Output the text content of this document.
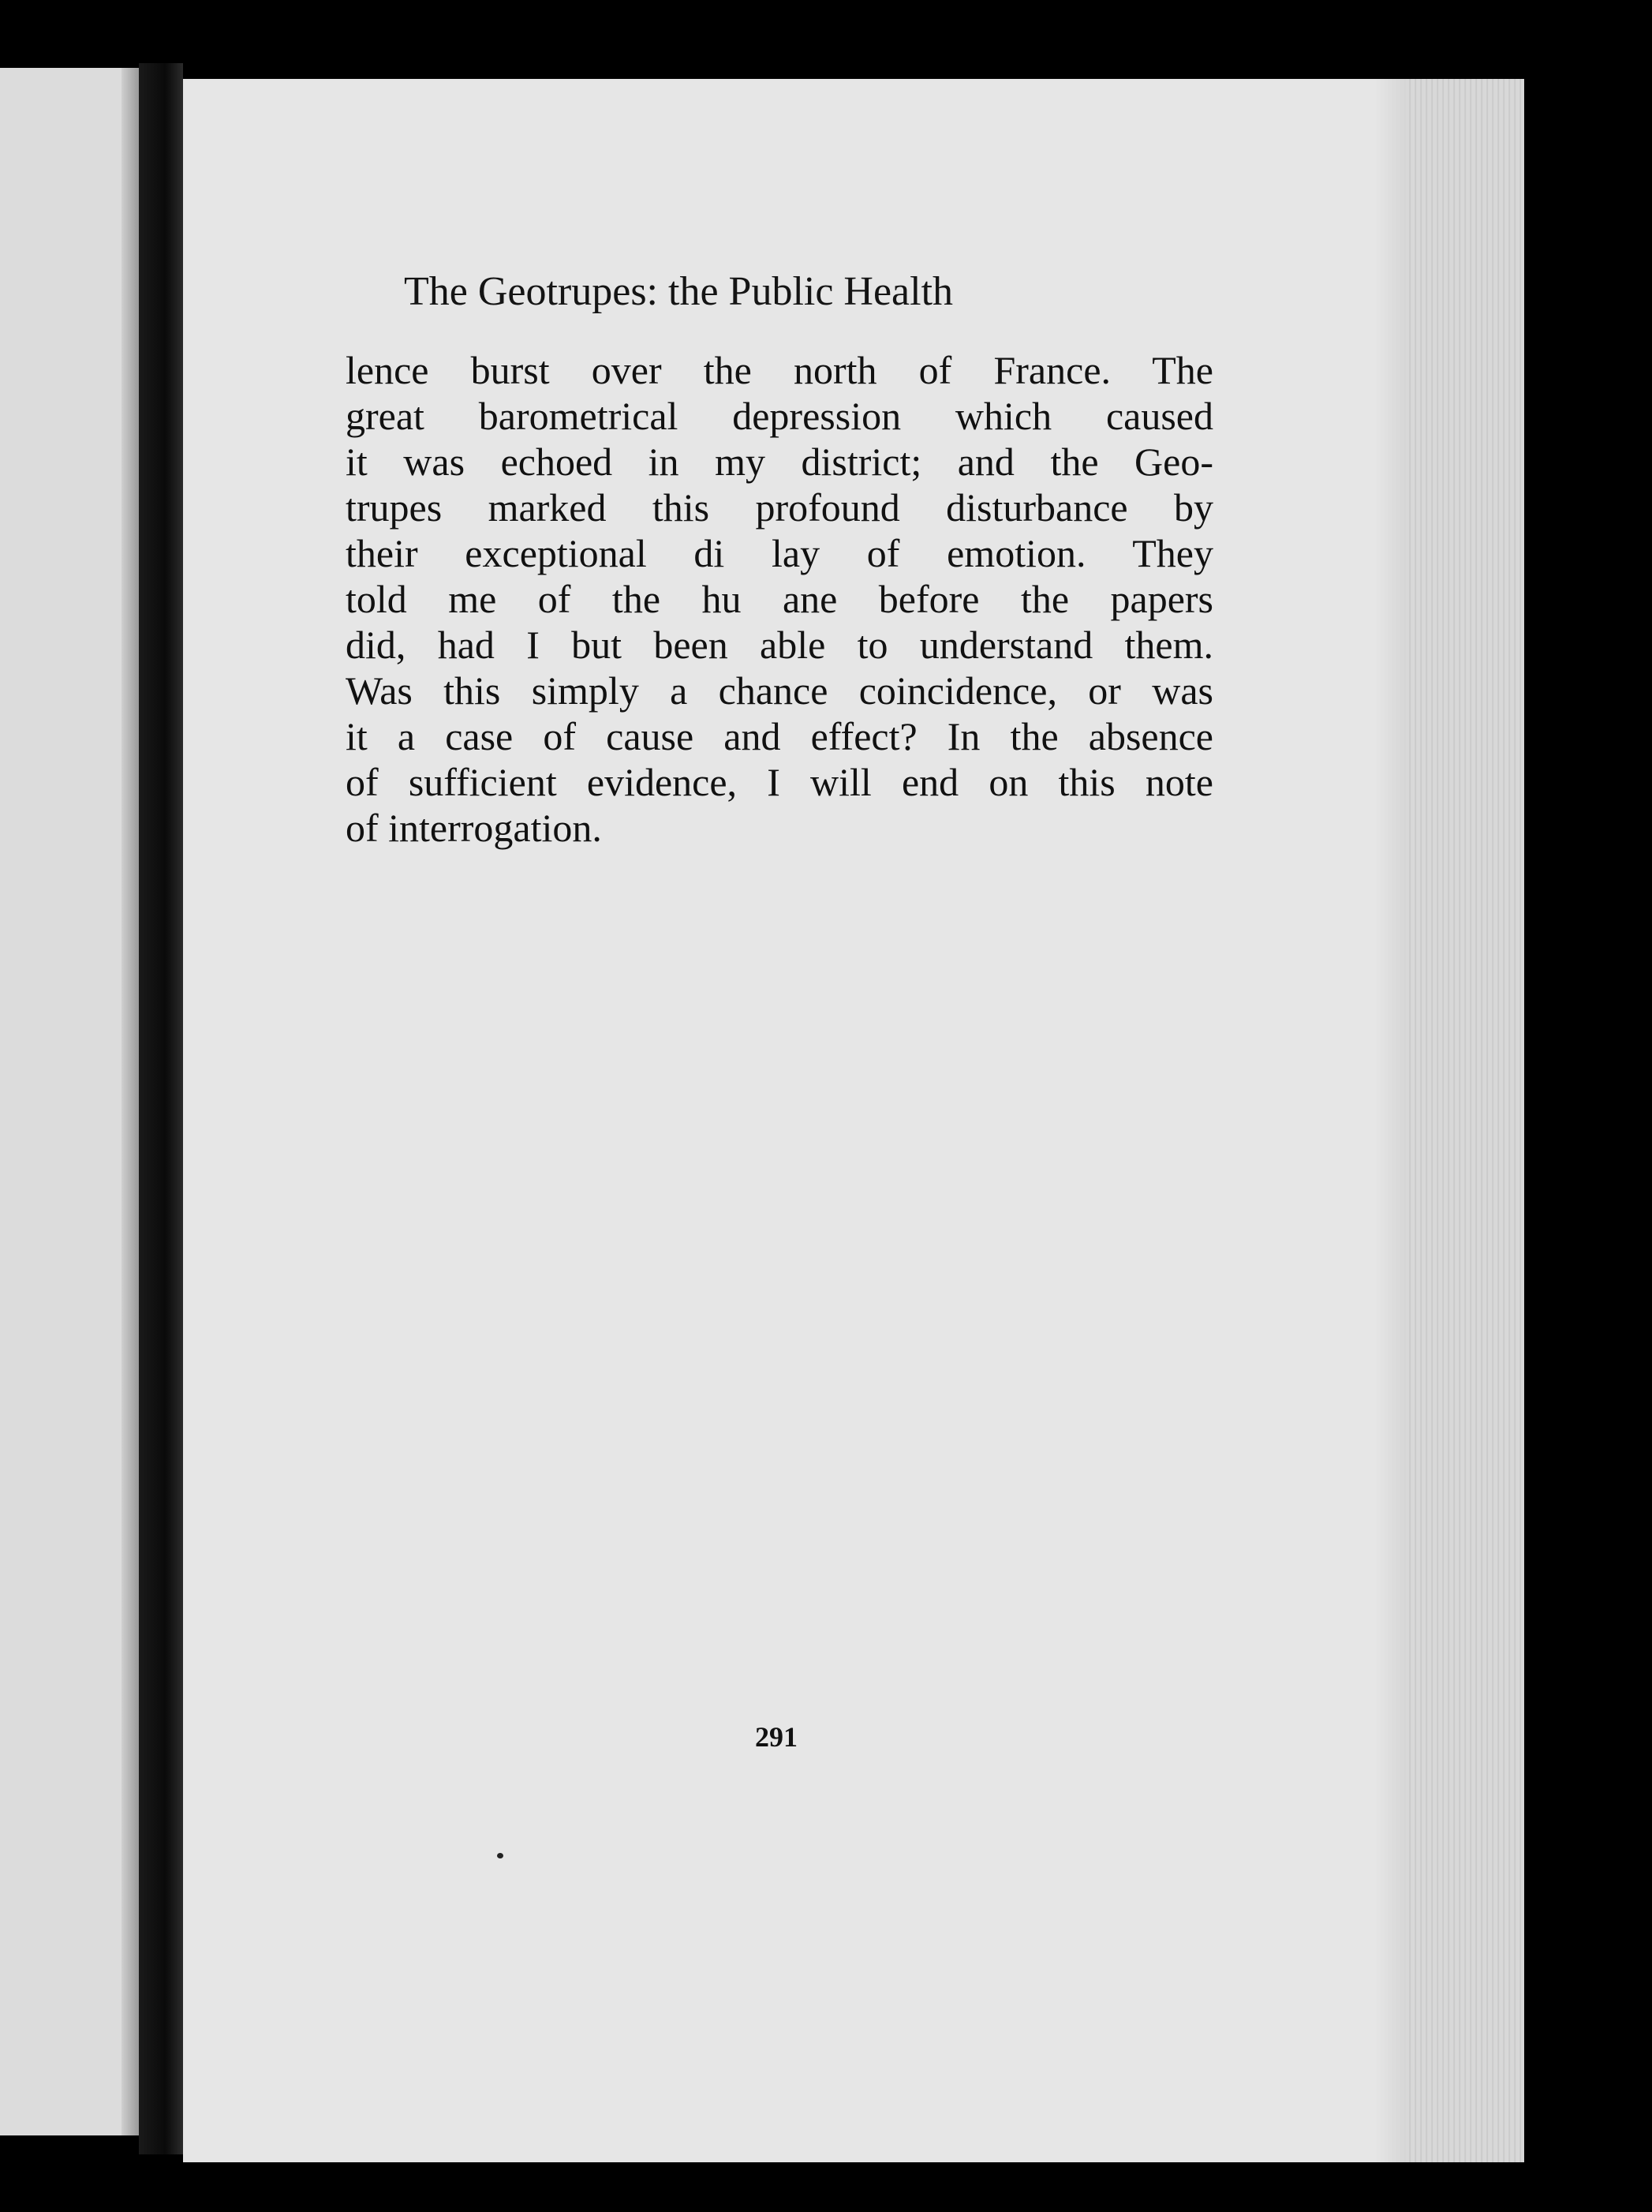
The Geotrupes: the Public Health
lence burst over the north of France. The
great barometrical depression which caused
it was echoed in my district; and the Geo-
trupes marked this profound disturbance by
their exceptional di lay of emotion. They
told me of the hu ane before the papers
did, had I but been able to understand them.
Was this simply a chance coincidence, or was
it a case of cause and effect? In the absence
of sufficient evidence, I will end on this note
of interrogation.
291
